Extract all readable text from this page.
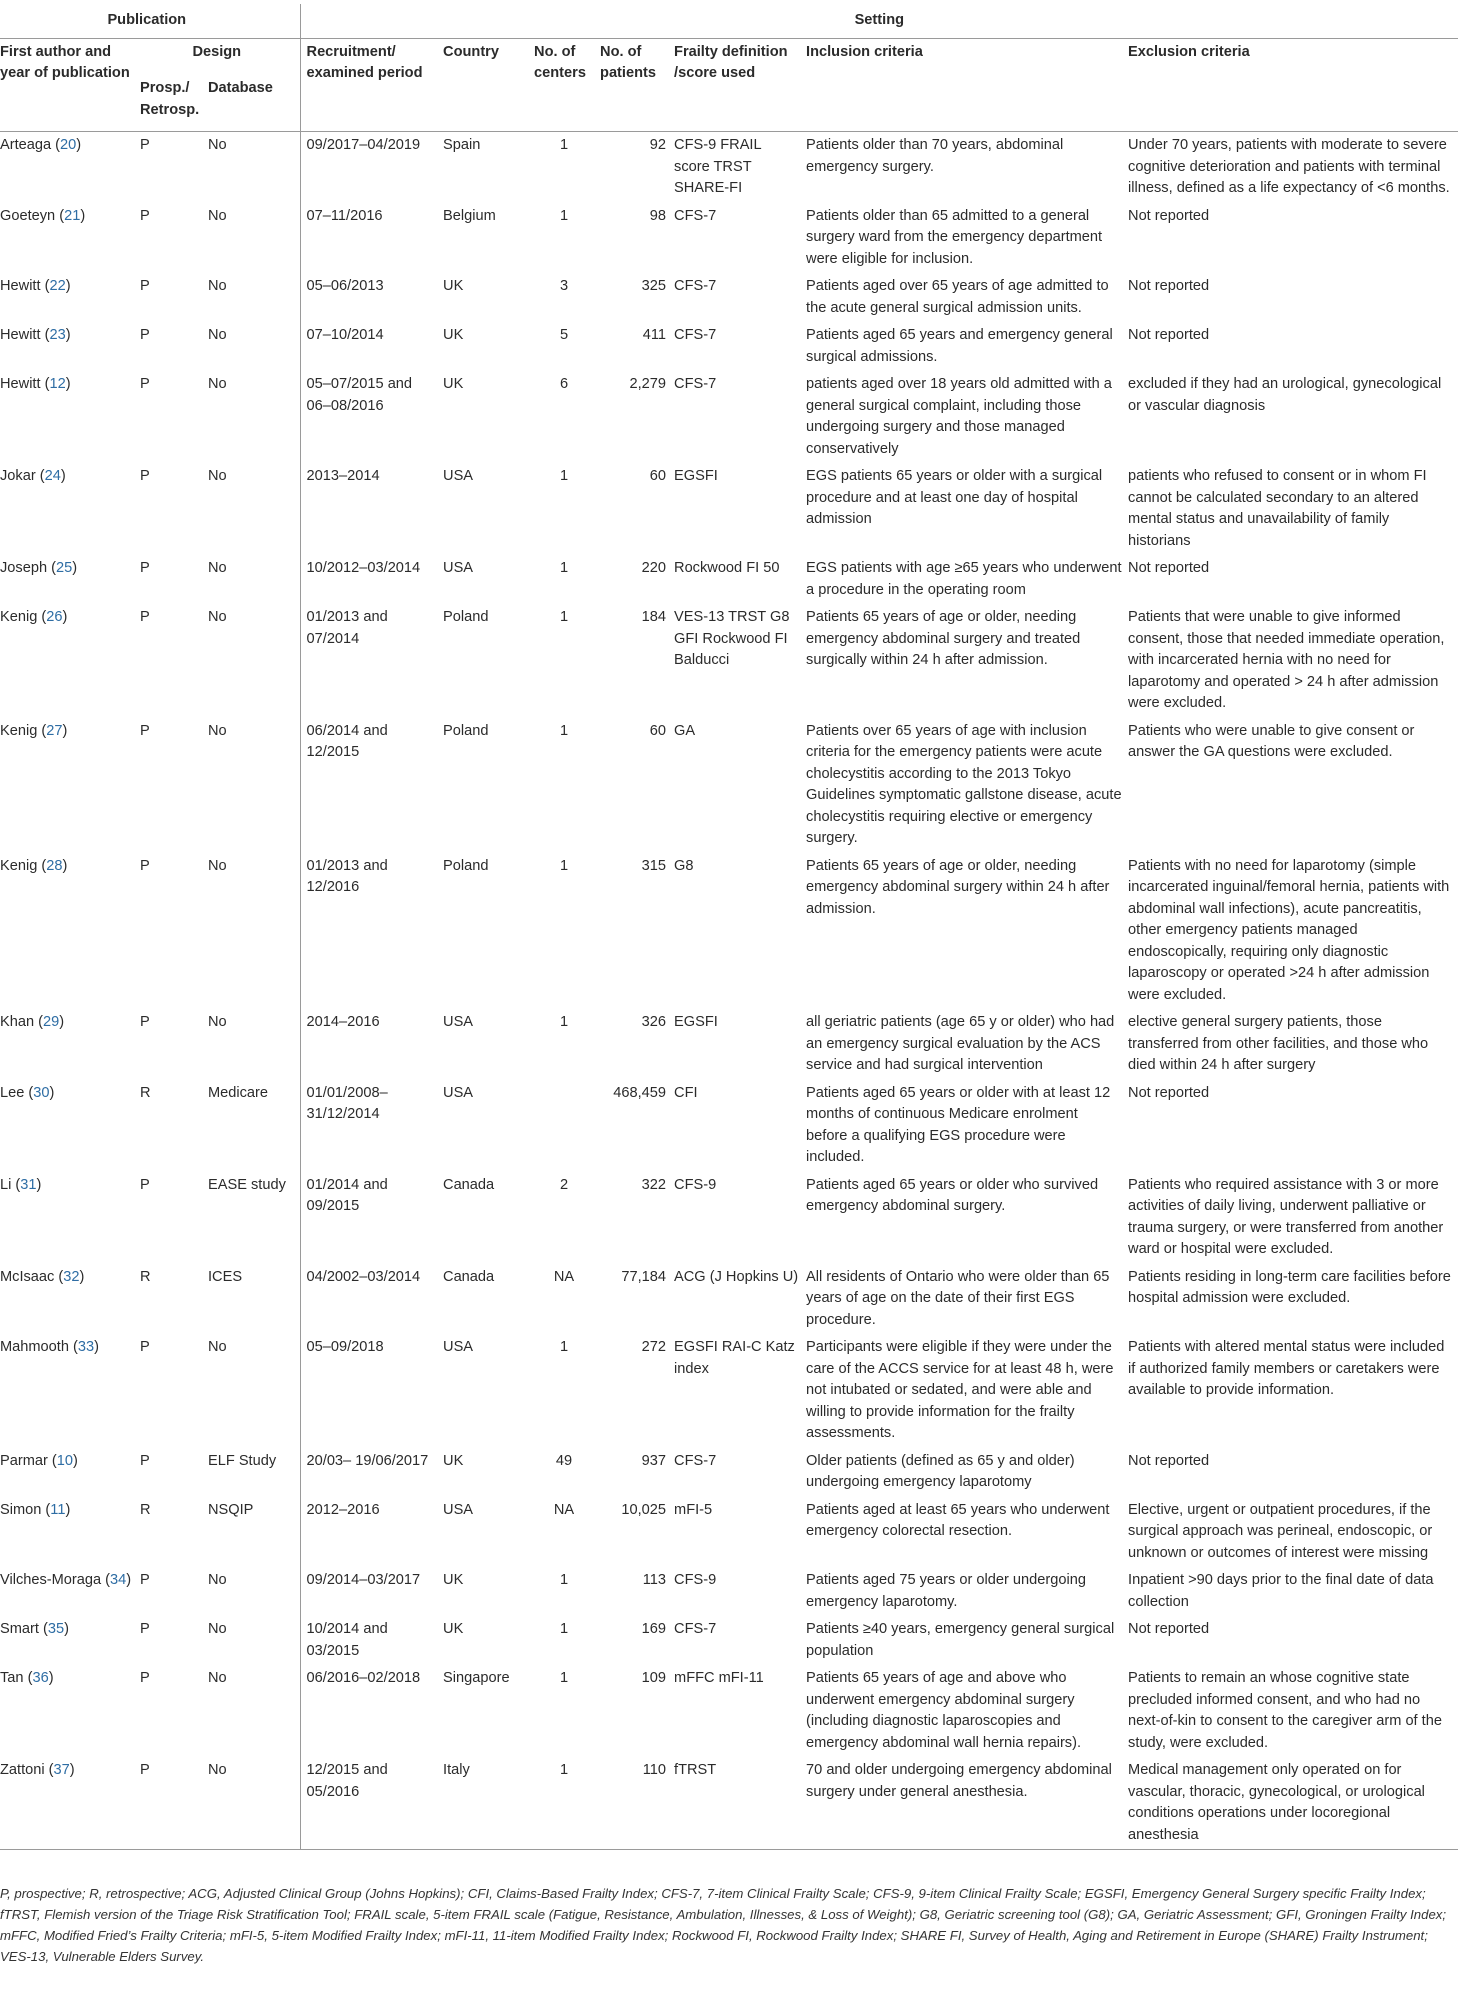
Publication			Setting						
First author and year of publication	Design		Recruitment/ examined period	Country	No. of centers	No. of patients	Frailty definition /score used	Inclusion criteria	Exclusion criteria
	Prosp./ Retrosp.	Database							
Arteaga (20)	P	No	09/2017–04/2019	Spain	1	92	CFS-9 FRAIL score TRST SHARE-FI	Patients older than 70 years, abdominal emergency surgery.	Under 70 years, patients with moderate to severe cognitive deterioration and patients with terminal illness, defined as a life expectancy of <6 months.
Goeteyn (21)	P	No	07–11/2016	Belgium	1	98	CFS-7	Patients older than 65 admitted to a general surgery ward from the emergency department were eligible for inclusion.	Not reported
Hewitt (22)	P	No	05–06/2013	UK	3	325	CFS-7	Patients aged over 65 years of age admitted to the acute general surgical admission units.	Not reported
Hewitt (23)	P	No	07–10/2014	UK	5	411	CFS-7	Patients aged 65 years and emergency general surgical admissions.	Not reported
Hewitt (12)	P	No	05–07/2015 and 06–08/2016	UK	6	2,279	CFS-7	patients aged over 18 years old admitted with a general surgical complaint, including those undergoing surgery and those managed conservatively	excluded if they had an urological, gynecological or vascular diagnosis
Jokar (24)	P	No	2013–2014	USA	1	60	EGSFI	EGS patients 65 years or older with a surgical procedure and at least one day of hospital admission	patients who refused to consent or in whom FI cannot be calculated secondary to an altered mental status and unavailability of family historians
Joseph (25)	P	No	10/2012–03/2014	USA	1	220	Rockwood FI 50	EGS patients with age ≥65 years who underwent a procedure in the operating room	Not reported
Kenig (26)	P	No	01/2013 and 07/2014	Poland	1	184	VES-13 TRST G8 GFI Rockwood FI Balducci	Patients 65 years of age or older, needing emergency abdominal surgery and treated surgically within 24 h after admission.	Patients that were unable to give informed consent, those that needed immediate operation, with incarcerated hernia with no need for laparotomy and operated > 24 h after admission were excluded.
Kenig (27)	P	No	06/2014 and 12/2015	Poland	1	60	GA	Patients over 65 years of age with inclusion criteria for the emergency patients were acute cholecystitis according to the 2013 Tokyo Guidelines symptomatic gallstone disease, acute cholecystitis requiring elective or emergency surgery.	Patients who were unable to give consent or answer the GA questions were excluded.
Kenig (28)	P	No	01/2013 and 12/2016	Poland	1	315	G8	Patients 65 years of age or older, needing emergency abdominal surgery within 24 h after admission.	Patients with no need for laparotomy (simple incarcerated inguinal/femoral hernia, patients with abdominal wall infections), acute pancreatitis, other emergency patients managed endoscopically, requiring only diagnostic laparoscopy or operated >24 h after admission were excluded.
Khan (29)	P	No	2014–2016	USA	1	326	EGSFI	all geriatric patients (age 65 y or older) who had an emergency surgical evaluation by the ACS service and had surgical intervention	elective general surgery patients, those transferred from other facilities, and those who died within 24 h after surgery
Lee (30)	R	Medicare	01/01/2008– 31/12/2014	USA		468,459	CFI	Patients aged 65 years or older with at least 12 months of continuous Medicare enrolment before a qualifying EGS procedure were included.	Not reported
Li (31)	P	EASE study	01/2014 and 09/2015	Canada	2	322	CFS-9	Patients aged 65 years or older who survived emergency abdominal surgery.	Patients who required assistance with 3 or more activities of daily living, underwent palliative or trauma surgery, or were transferred from another ward or hospital were excluded.
McIsaac (32)	R	ICES	04/2002–03/2014	Canada	NA	77,184	ACG (J Hopkins U)	All residents of Ontario who were older than 65 years of age on the date of their first EGS procedure.	Patients residing in long-term care facilities before hospital admission were excluded.
Mahmooth (33)	P	No	05–09/2018	USA	1	272	EGSFI RAI-C Katz index	Participants were eligible if they were under the care of the ACCS service for at least 48 h, were not intubated or sedated, and were able and willing to provide information for the frailty assessments.	Patients with altered mental status were included if authorized family members or caretakers were available to provide information.
Parmar (10)	P	ELF Study	20/03– 19/06/2017	UK	49	937	CFS-7	Older patients (defined as 65 y and older) undergoing emergency laparotomy	Not reported
Simon (11)	R	NSQIP	2012–2016	USA	NA	10,025	mFI-5	Patients aged at least 65 years who underwent emergency colorectal resection.	Elective, urgent or outpatient procedures, if the surgical approach was perineal, endoscopic, or unknown or outcomes of interest were missing
Vilches-Moraga (34)	P	No	09/2014–03/2017	UK	1	113	CFS-9	Patients aged 75 years or older undergoing emergency laparotomy.	Inpatient >90 days prior to the final date of data collection
Smart (35)	P	No	10/2014 and 03/2015	UK	1	169	CFS-7	Patients ≥40 years, emergency general surgical population	Not reported
Tan (36)	P	No	06/2016–02/2018	Singapore	1	109	mFFC mFI-11	Patients 65 years of age and above who underwent emergency abdominal surgery (including diagnostic laparoscopies and emergency abdominal wall hernia repairs).	Patients to remain an whose cognitive state precluded informed consent, and who had no next-of-kin to consent to the caregiver arm of the study, were excluded.
Zattoni (37)	P	No	12/2015 and 05/2016	Italy	1	110	fTRST	70 and older undergoing emergency abdominal surgery under general anesthesia.	Medical management only operated on for vascular, thoracic, gynecological, or urological conditions operations under locoregional anesthesia
P, prospective; R, retrospective; ACG, Adjusted Clinical Group (Johns Hopkins); CFI, Claims-Based Frailty Index; CFS-7, 7-item Clinical Frailty Scale; CFS-9, 9-item Clinical Frailty Scale; EGSFI, Emergency General Surgery specific Frailty Index; fTRST, Flemish version of the Triage Risk Stratification Tool; FRAIL scale, 5-item FRAIL scale (Fatigue, Resistance, Ambulation, Illnesses, & Loss of Weight); G8, Geriatric screening tool (G8); GA, Geriatric Assessment; GFI, Groningen Frailty Index; mFFC, Modified Fried’s Frailty Criteria; mFI-5, 5-item Modified Frailty Index; mFI-11, 11-item Modified Frailty Index; Rockwood FI, Rockwood Frailty Index; SHARE FI, Survey of Health, Aging and Retirement in Europe (SHARE) Frailty Instrument; VES-13, Vulnerable Elders Survey.
